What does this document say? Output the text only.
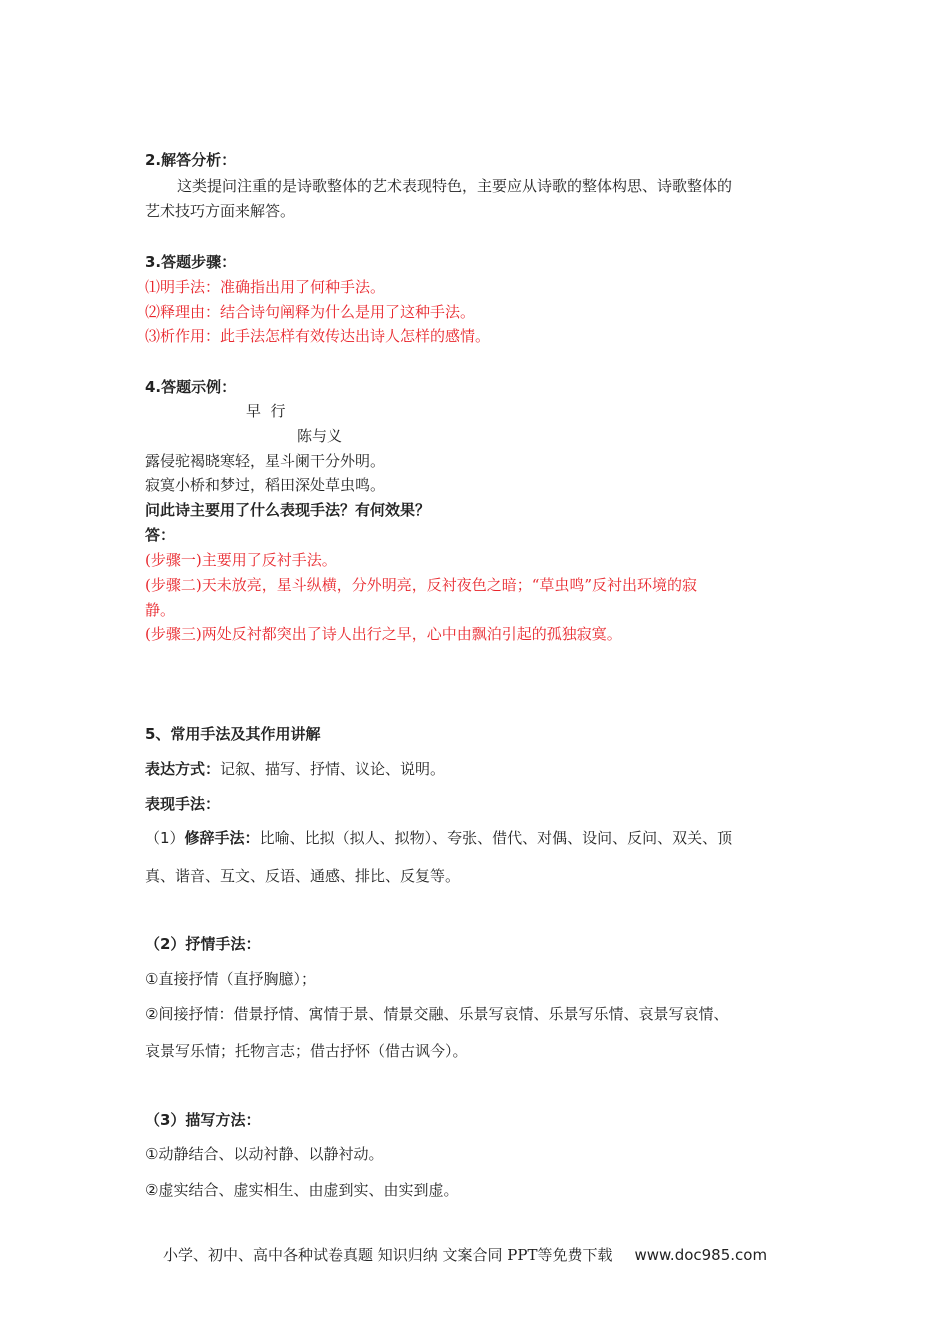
2.解答分析：
这类提问注重的是诗歌整体的艺术表现特色，主要应从诗歌的整体构思、诗歌整体的
艺术技巧方面来解答。
3.答题步骤：
⑴明手法：准确指出用了何种手法。
⑵释理由：结合诗句阐释为什么是用了这种手法。
⑶析作用：此手法怎样有效传达出诗人怎样的感情。
4.答题示例：
早  行
陈与义
露侵驼褐晓寒轻，星斗阑干分外明。
寂寞小桥和梦过，稻田深处草虫鸣。
问此诗主要用了什么表现手法？有何效果？
答：
(步骤一)主要用了反衬手法。
(步骤二)天未放亮，星斗纵横，分外明亮，反衬夜色之暗；“草虫鸣”反衬出环境的寂
静。
(步骤三)两处反衬都突出了诗人出行之早，心中由飘泊引起的孤独寂寞。
5、常用手法及其作用讲解
表达方式：记叙、描写、抒情、议论、说明。
表现手法：
（1）修辞手法：比喻、比拟（拟人、拟物）、夸张、借代、对偶、设问、反问、双关、顶
真、谐音、互文、反语、通感、排比、反复等。
（2）抒情手法：
①直接抒情（直抒胸臆）；
②间接抒情：借景抒情、寓情于景、情景交融、乐景写哀情、乐景写乐情、哀景写哀情、
哀景写乐情；托物言志；借古抒怀（借古讽今）。
（3）描写方法：
①动静结合、以动衬静、以静衬动。
②虚实结合、虚实相生、由虚到实、由实到虚。
小学、初中、高中各种试卷真题 知识归纳 文案合同 PPT等免费下载 www.doc985.com
